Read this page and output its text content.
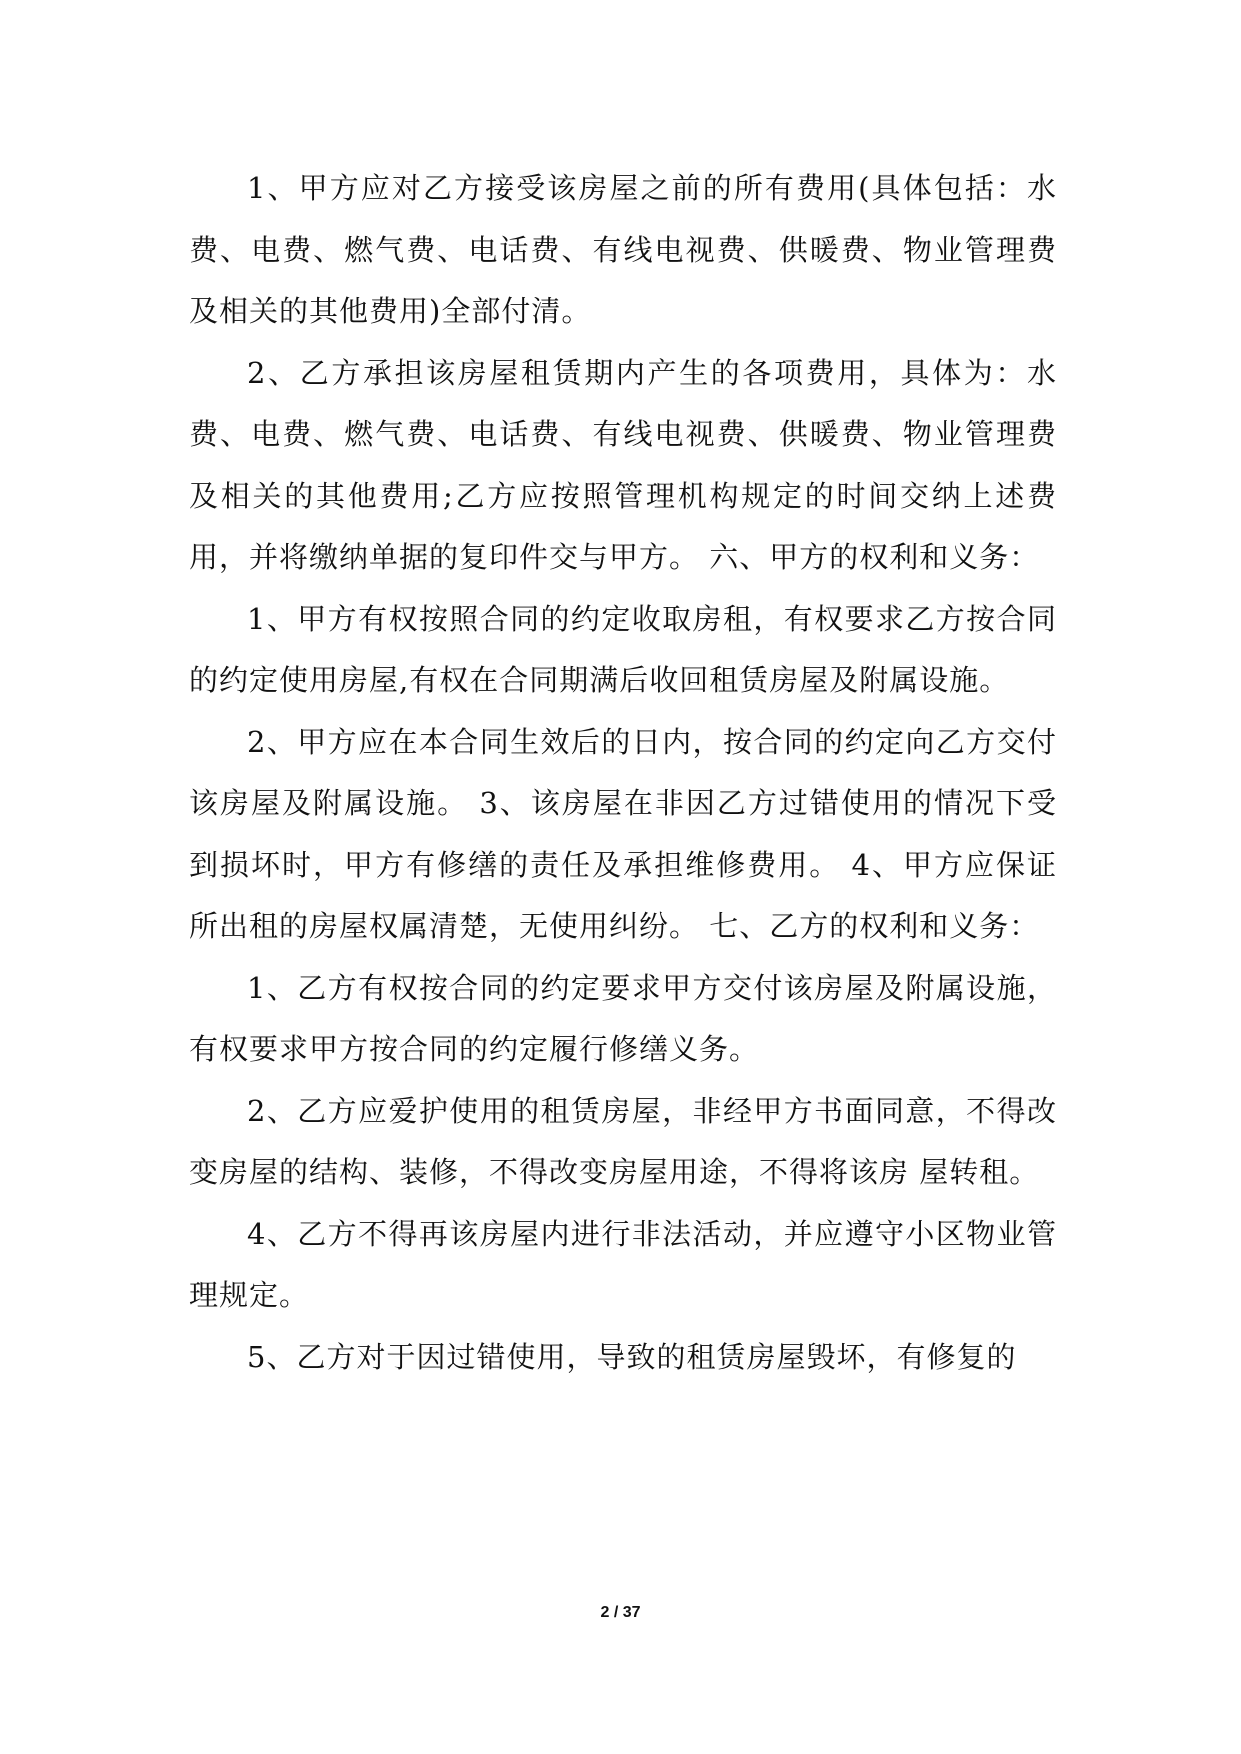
1、甲方应对乙方接受该房屋之前的所有费用(具体包括：水费、电费、燃气费、电话费、有线电视费、供暖费、物业管理费及相关的其他费用)全部付清。

2、乙方承担该房屋租赁期内产生的各项费用，具体为：水费、电费、燃气费、电话费、有线电视费、供暖费、物业管理费及相关的其他费用;乙方应按照管理机构规定的时间交纳上述费用，并将缴纳单据的复印件交与甲方。 六、甲方的权利和义务：

1、甲方有权按照合同的约定收取房租，有权要求乙方按合同的约定使用房屋,有权在合同期满后收回租赁房屋及附属设施。

2、甲方应在本合同生效后的日内，按合同的约定向乙方交付该房屋及附属设施。 3、该房屋在非因乙方过错使用的情况下受到损坏时，甲方有修缮的责任及承担维修费用。 4、甲方应保证所出租的房屋权属清楚，无使用纠纷。 七、乙方的权利和义务：

1、乙方有权按合同的约定要求甲方交付该房屋及附属设施，有权要求甲方按合同的约定履行修缮义务。

2、乙方应爱护使用的租赁房屋，非经甲方书面同意，不得改变房屋的结构、装修，不得改变房屋用途，不得将该房 屋转租。

4、乙方不得再该房屋内进行非法活动，并应遵守小区物业管理规定。

5、乙方对于因过错使用，导致的租赁房屋毁坏，有修复的

2 / 37
